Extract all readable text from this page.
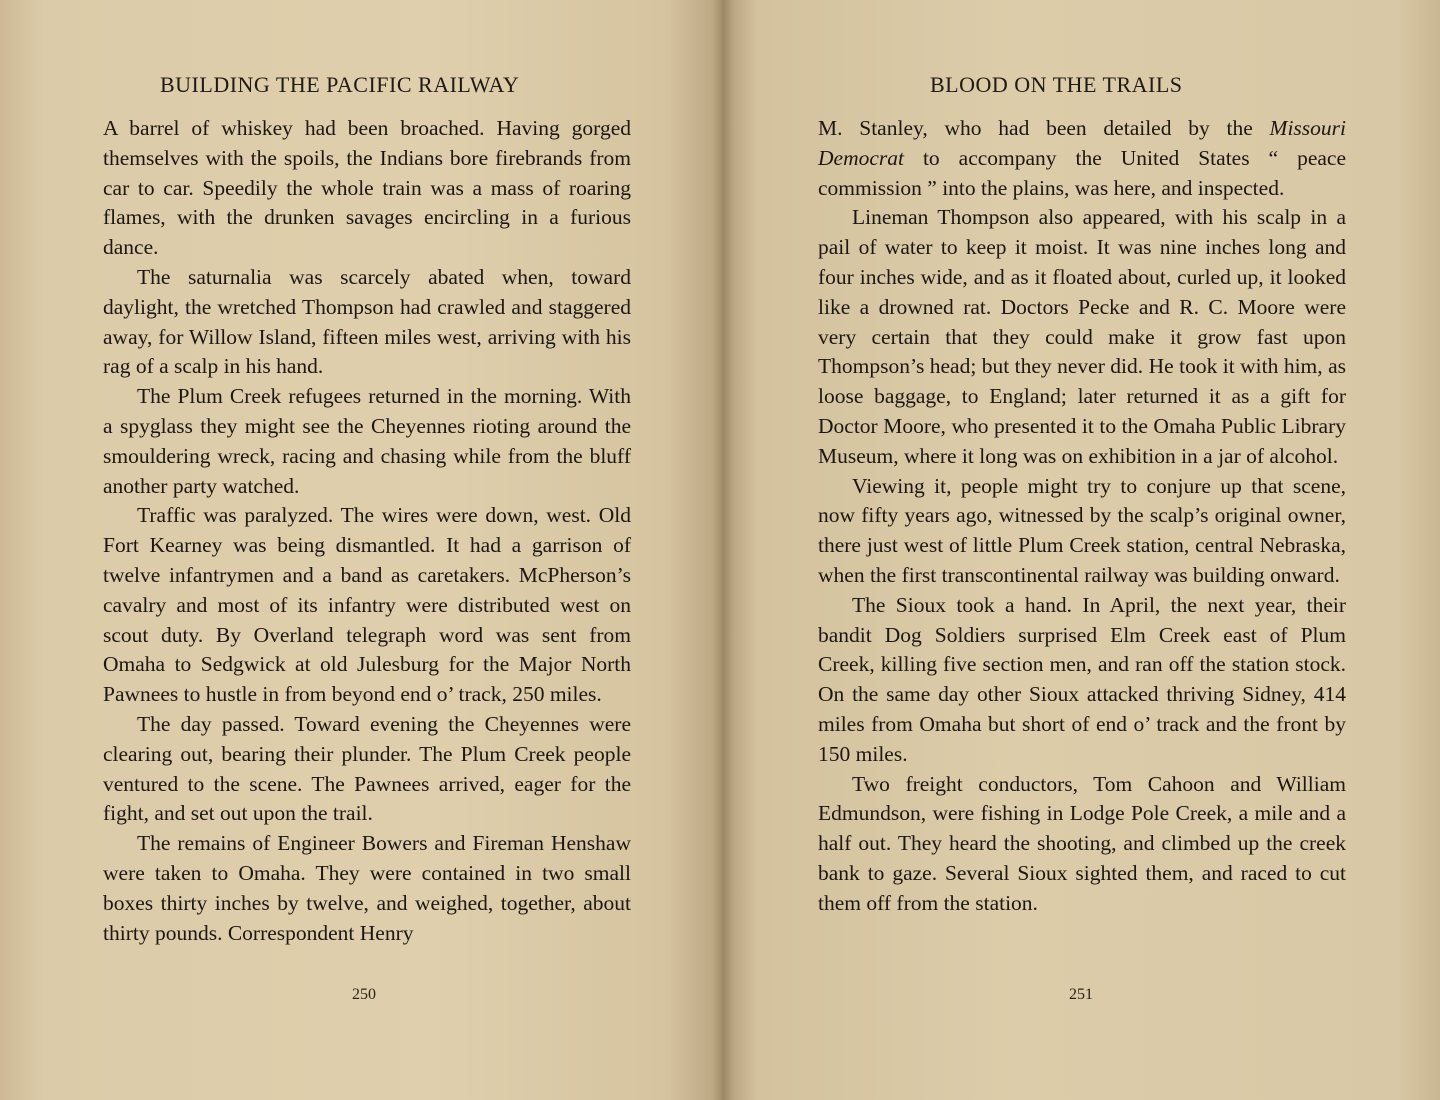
BUILDING THE PACIFIC RAILWAY

A barrel of whiskey had been broached. Having gorged themselves with the spoils, the Indians bore firebrands from car to car. Speedily the whole train was a mass of roaring flames, with the drunken savages encircling in a furious dance.

The saturnalia was scarcely abated when, toward daylight, the wretched Thompson had crawled and staggered away, for Willow Island, fifteen miles west, arriving with his rag of a scalp in his hand.

The Plum Creek refugees returned in the morning. With a spyglass they might see the Cheyennes rioting around the smouldering wreck, racing and chasing while from the bluff another party watched.

Traffic was paralyzed. The wires were down, west. Old Fort Kearney was being dismantled. It had a garrison of twelve infantrymen and a band as caretakers. McPherson’s cavalry and most of its infantry were distributed west on scout duty. By Overland telegraph word was sent from Omaha to Sedgwick at old Julesburg for the Major North Pawnees to hustle in from beyond end o’ track, 250 miles.

The day passed. Toward evening the Cheyennes were clearing out, bearing their plunder. The Plum Creek people ventured to the scene. The Pawnees arrived, eager for the fight, and set out upon the trail.

The remains of Engineer Bowers and Fireman Henshaw were taken to Omaha. They were contained in two small boxes thirty inches by twelve, and weighed, together, about thirty pounds. Correspondent Henry

250
BLOOD ON THE TRAILS

M. Stanley, who had been detailed by the Missouri Democrat to accompany the United States “ peace commission ” into the plains, was here, and inspected.

Lineman Thompson also appeared, with his scalp in a pail of water to keep it moist. It was nine inches long and four inches wide, and as it floated about, curled up, it looked like a drowned rat. Doctors Pecke and R. C. Moore were very certain that they could make it grow fast upon Thompson’s head; but they never did. He took it with him, as loose baggage, to England; later returned it as a gift for Doctor Moore, who presented it to the Omaha Public Library Museum, where it long was on exhibition in a jar of alcohol.

Viewing it, people might try to conjure up that scene, now fifty years ago, witnessed by the scalp’s original owner, there just west of little Plum Creek station, central Nebraska, when the first transcontinental railway was building onward.

The Sioux took a hand. In April, the next year, their bandit Dog Soldiers surprised Elm Creek east of Plum Creek, killing five section men, and ran off the station stock. On the same day other Sioux attacked thriving Sidney, 414 miles from Omaha but short of end o’ track and the front by 150 miles.

Two freight conductors, Tom Cahoon and William Edmundson, were fishing in Lodge Pole Creek, a mile and a half out. They heard the shooting, and climbed up the creek bank to gaze. Several Sioux sighted them, and raced to cut them off from the station.

251
